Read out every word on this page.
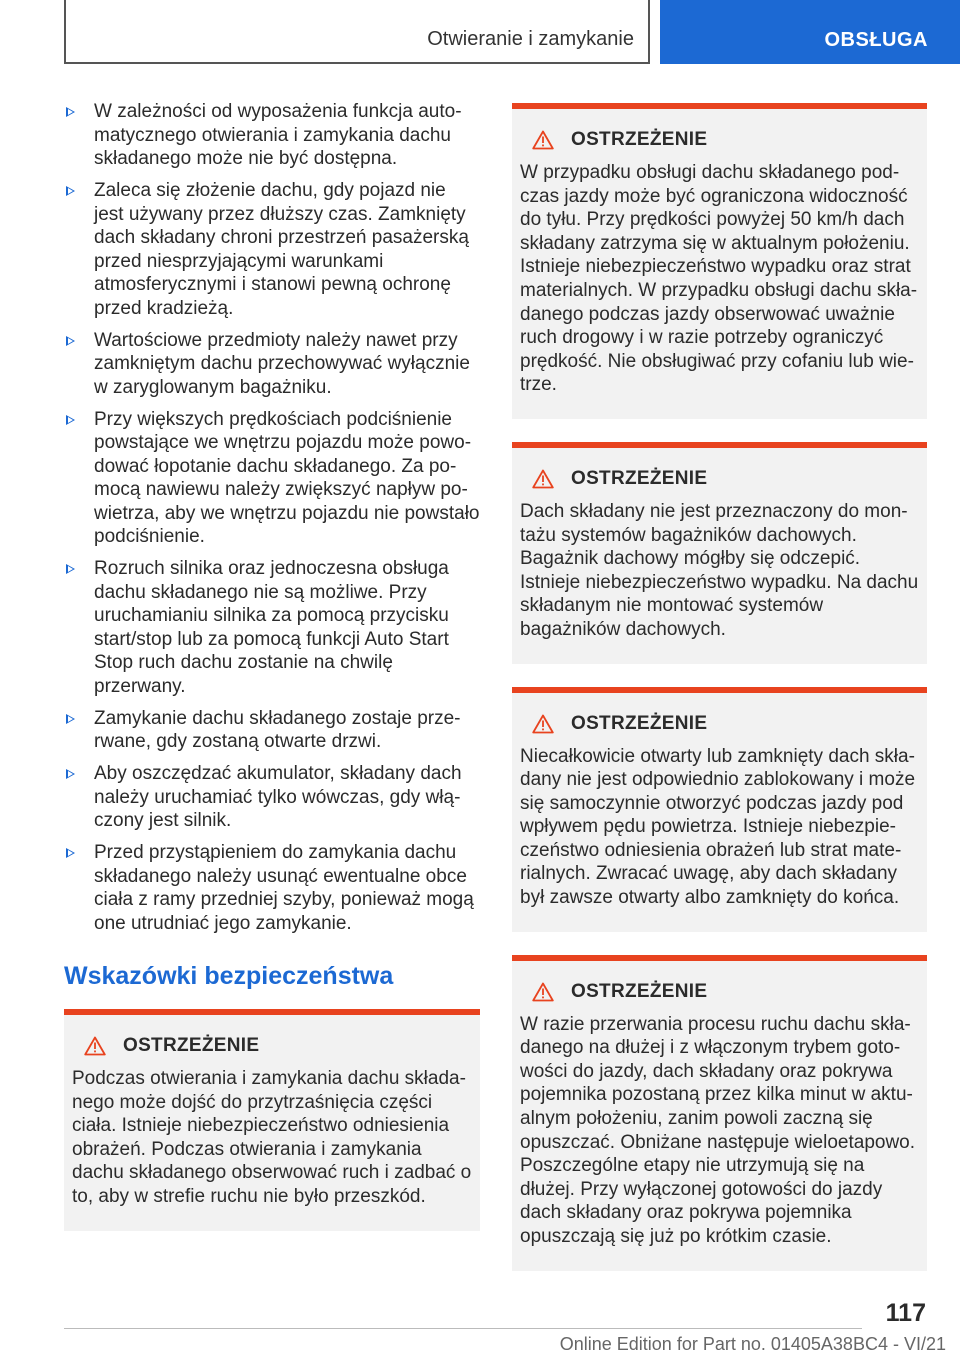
Otwieranie i zamykanie	OBSŁUGA
W zależności od wyposażenia funkcja automatycznego otwierania i zamykania dachu składanego może nie być dostępna.
Zaleca się złożenie dachu, gdy pojazd nie jest używany przez dłuższy czas. Zamknięty dach składany chroni przestrzeń pasażerską przed niesprzyjającymi warunkami atmosferycznymi i stanowi pewną ochronę przed kradzieżą.
Wartościowe przedmioty należy nawet przy zamkniętym dachu przechowywać wyłącznie w zaryglowanym bagażniku.
Przy większych prędkościach podciśnienie powstające we wnętrzu pojazdu może powodować łopotanie dachu składanego. Za pomocą nawiewu należy zwiększyć napływ powietrza, aby we wnętrzu pojazdu nie powstało podciśnienie.
Rozruch silnika oraz jednoczesna obsługa dachu składanego nie są możliwe. Przy uruchamianiu silnika za pomocą przycisku start/stop lub za pomocą funkcji Auto Start Stop ruch dachu zostanie na chwilę przerwany.
Zamykanie dachu składanego zostaje przerwane, gdy zostaną otwarte drzwi.
Aby oszczędzać akumulator, składany dach należy uruchamiać tylko wówczas, gdy włączony jest silnik.
Przed przystąpieniem do zamykania dachu składanego należy usunąć ewentualne obce ciała z ramy przedniej szyby, ponieważ mogą one utrudniać jego zamykanie.
Wskazówki bezpieczeństwa
OSTRZEŻENIE

Podczas otwierania i zamykania dachu składanego może dojść do przytrzaśnięcia części ciała. Istnieje niebezpieczeństwo odniesienia obrażeń. Podczas otwierania i zamykania dachu składanego obserwować ruch i zadbać o to, aby w strefie ruchu nie było przeszkód.

OSTRZEŻENIE

W przypadku obsługi dachu składanego podczas jazdy może być ograniczona widoczność do tyłu. Przy prędkości powyżej 50 km/h dach składany zatrzyma się w aktualnym położeniu. Istnieje niebezpieczeństwo wypadku oraz strat materialnych. W przypadku obsługi dachu składanego podczas jazdy obserwować uważnie ruch drogowy i w razie potrzeby ograniczyć prędkość. Nie obsługiwać przy cofaniu lub wietrze.

OSTRZEŻENIE

Dach składany nie jest przeznaczony do montażu systemów bagażników dachowych. Bagażnik dachowy mógłby się odczepić. Istnieje niebezpieczeństwo wypadku. Na dachu składanym nie montować systemów bagażników dachowych.

OSTRZEŻENIE

Niecałkowicie otwarty lub zamknięty dach składany nie jest odpowiednio zablokowany i może się samoczynnie otworzyć podczas jazdy pod wpływem pędu powietrza. Istnieje niebezpieczeństwo odniesienia obrażeń lub strat materialnych. Zwracać uwagę, aby dach składany był zawsze otwarty albo zamknięty do końca.

OSTRZEŻENIE

W razie przerwania procesu ruchu dachu składanego na dłużej i z włączonym trybem gotowości do jazdy, dach składany oraz pokrywa pojemnika pozostaną przez kilka minut w aktualnym położeniu, zanim powoli zaczną się opuszczać. Obniżane następuje wieloetapowo. Poszczególne etapy nie utrzymują się na dłużej. Przy wyłączonej gotowości do jazdy dach składany oraz pokrywa pojemnika opuszczają się już po krótkim czasie.

117
Online Edition for Part no. 01405A38BC4 - VI/21
